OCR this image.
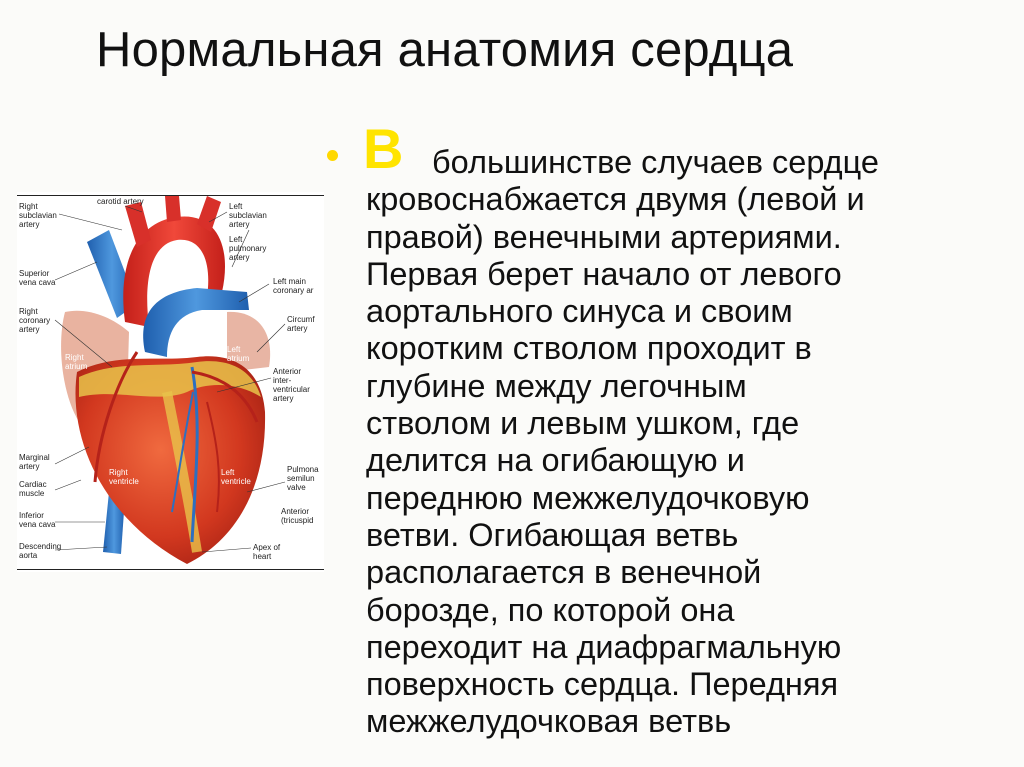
Нормальная анатомия сердца
carotid artery
Right subclavian artery
Left subclavian artery
Left pulmonary artery
Superior vena cava	Left main coronary ar
Right coronary artery
Circumf artery
Right atrium
Left atrium
Anterior inter-ventricular artery
Marginal artery
Right ventricle
Left ventricle
Pulmona semilun valve
Cardiac muscle
Inferior vena cava
Anterior (tricuspid
Descending aorta
Apex of heart
В большинстве случаев сердце
кровоснабжается двумя (левой и
правой) венечными артериями.
Первая берет начало от левого
аортального синуса и своим
коротким стволом проходит в
глубине между легочным
стволом и левым ушком, где
делится на огибающую и
переднюю межжелудочковую
ветви. Огибающая ветвь
располагается в венечной
борозде, по которой она
переходит на диафрагмальную
поверхность сердца. Передняя
межжелудочковая ветвь
